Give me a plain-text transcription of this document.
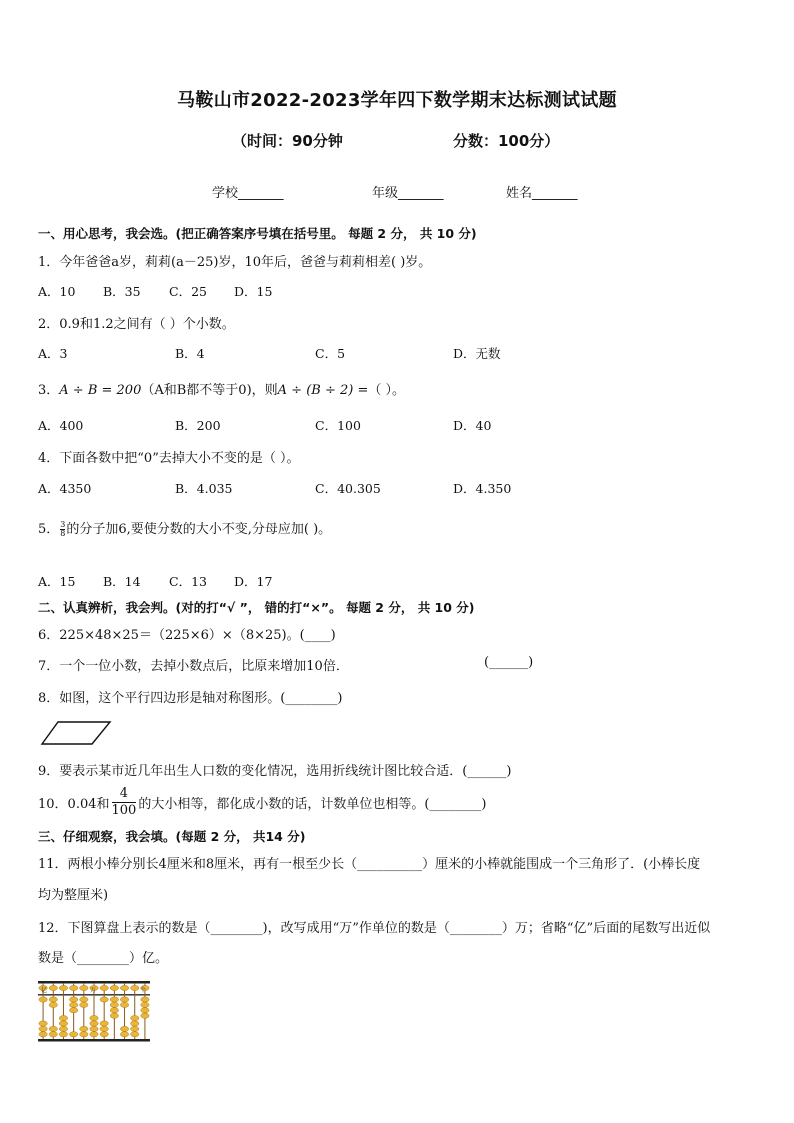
马鞍山市2022-2023学年四下数学期末达标测试试题
（时间：90分钟	分数：100分）
学校_______	年级_______	姓名_______
一、用心思考，我会选。(把正确答案序号填在括号里。 每题 2 分， 共 10 分)
1．今年爸爸a岁，莉莉(a－25)岁，10年后，爸爸与莉莉相差( )岁。
A．10 B．35 C．25 D．15
2．0.9和1.2之间有（ ）个小数。
A．3	B．4	C．5	D．无数
3．A ÷ B = 200（A和B都不等于0)，则A ÷ (B ÷ 2) =（ ）。
A．400	B．200	C．100	D．40
4．下面各数中把“0”去掉大小不变的是（ ）。
A．4350	B．4.035	C．40.305	D．4.350
5． $\frac{3}{8}$ 的分子加6,要使分数的大小不变,分母应加( )。
A．15 B．14 C．13 D．17
二、认真辨析，我会判。(对的打“√ ”， 错的打“×”。 每题 2 分， 共 10 分)
6．225×48×25＝（225×6）×（8×25)。(____)
7．一个一位小数，去掉小数点后，比原来增加10倍．	(______)
8．如图，这个平行四边形是轴对称图形。(________)
9．要表示某市近几年出生人口数的变化情况，选用折线统计图比较合适．(______)
10．0.04和 $\frac{4}{100}$ 的大小相等，都化成小数的话，计数单位也相等。(________)
三、仔细观察，我会填。(每题 2 分， 共14 分)
11．两根小棒分别长4厘米和8厘米，再有一根至少长（__________）厘米的小棒就能围成一个三角形了．(小棒长度
均为整厘米)
12．下图算盘上表示的数是（________)，改写成用“万”作单位的数是（________）万；省略“亿”后面的尾数写出近似
数是（________）亿。
亿	万	个
